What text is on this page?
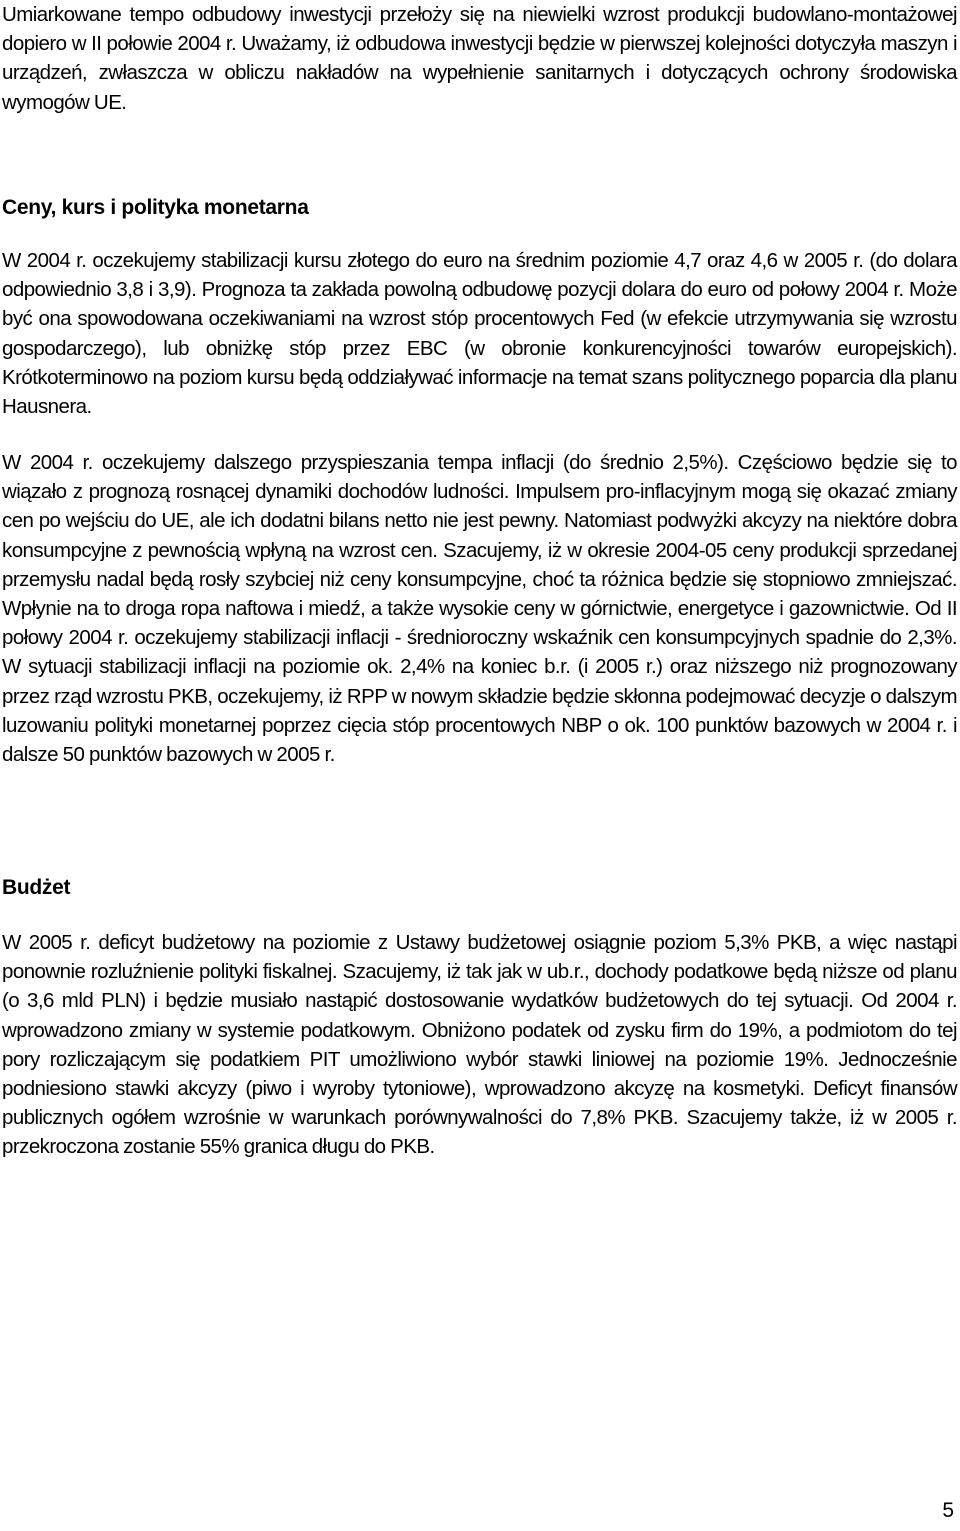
Umiarkowane tempo odbudowy inwestycji przełoży się na niewielki wzrost produkcji budowlano-montażowej dopiero w II połowie 2004 r. Uważamy, iż odbudowa inwestycji będzie w pierwszej kolejności dotyczyła maszyn i urządzeń, zwłaszcza w obliczu nakładów na wypełnienie sanitarnych i dotyczących ochrony środowiska wymogów UE.

Ceny, kurs i polityka monetarna

W 2004 r. oczekujemy stabilizacji kursu złotego do euro na średnim poziomie 4,7 oraz 4,6 w 2005 r. (do dolara odpowiednio 3,8 i 3,9). Prognoza ta zakłada powolną odbudowę pozycji dolara do euro od połowy 2004 r. Może być ona spowodowana oczekiwaniami na wzrost stóp procentowych Fed (w efekcie utrzymywania się wzrostu gospodarczego), lub obniżkę stóp przez EBC (w obronie konkurencyjności towarów europejskich). Krótkoterminowo na poziom kursu będą oddziaływać informacje na temat szans politycznego poparcia dla planu Hausnera.

W 2004 r. oczekujemy dalszego przyspieszania tempa inflacji (do średnio 2,5%). Częściowo będzie się to wiązało z prognozą rosnącej dynamiki dochodów ludności. Impulsem pro-inflacyjnym mogą się okazać zmiany cen po wejściu do UE, ale ich dodatni bilans netto nie jest pewny. Natomiast podwyżki akcyzy na niektóre dobra konsumpcyjne z pewnością wpłyną na wzrost cen. Szacujemy, iż w okresie 2004-05 ceny produkcji sprzedanej przemysłu nadal będą rosły szybciej niż ceny konsumpcyjne, choć ta różnica będzie się stopniowo zmniejszać. Wpłynie na to droga ropa naftowa i miedź, a także wysokie ceny w górnictwie, energetyce i gazownictwie. Od II połowy 2004 r. oczekujemy stabilizacji inflacji - średnioroczny wskaźnik cen konsumpcyjnych spadnie do 2,3%. W sytuacji stabilizacji inflacji na poziomie ok. 2,4% na koniec b.r. (i 2005 r.) oraz niższego niż prognozowany przez rząd wzrostu PKB, oczekujemy, iż RPP w nowym składzie będzie skłonna podejmować decyzje o dalszym luzowaniu polityki monetarnej poprzez cięcia stóp procentowych NBP o ok. 100 punktów bazowych w 2004 r. i dalsze 50 punktów bazowych w 2005 r.

Budżet

W 2005 r. deficyt budżetowy na poziomie z Ustawy budżetowej osiągnie poziom 5,3% PKB, a więc nastąpi ponownie rozluźnienie polityki fiskalnej. Szacujemy, iż tak jak w ub.r., dochody podatkowe będą niższe od planu (o 3,6 mld PLN) i będzie musiało nastąpić dostosowanie wydatków budżetowych do tej sytuacji. Od 2004 r. wprowadzono zmiany w systemie podatkowym. Obniżono podatek od zysku firm do 19%, a podmiotom do tej pory rozliczającym się podatkiem PIT umożliwiono wybór stawki liniowej na poziomie 19%. Jednocześnie podniesiono stawki akcyzy (piwo i wyroby tytoniowe), wprowadzono akcyzę na kosmetyki. Deficyt finansów publicznych ogółem wzrośnie w warunkach porównywalności do 7,8% PKB. Szacujemy także, iż w 2005 r. przekroczona zostanie 55% granica długu do PKB.

5
